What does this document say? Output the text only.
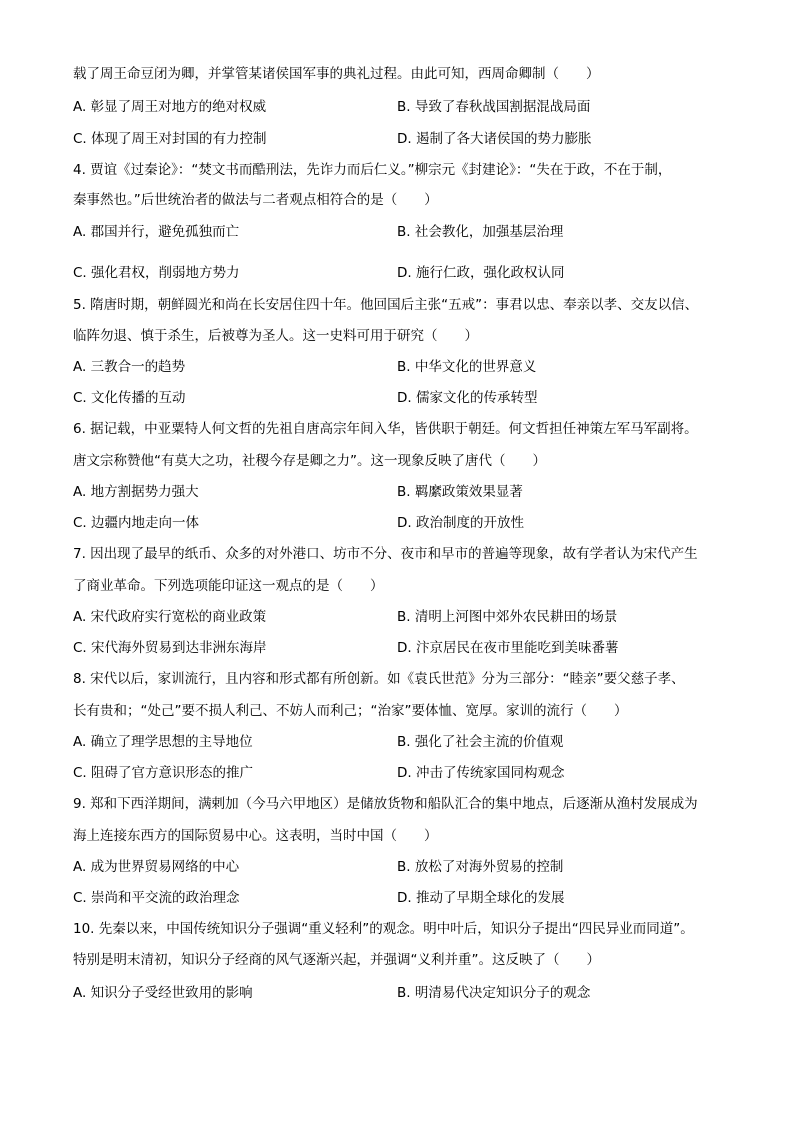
载了周王命豆闭为卿，并掌管某诸侯国军事的典礼过程。由此可知，西周命卿制（　　）
A. 彰显了周王对地方的绝对权威	B. 导致了春秋战国割据混战局面
C. 体现了周王对封国的有力控制	D. 遏制了各大诸侯国的势力膨胀
4. 贾谊《过秦论》：“焚文书而酷刑法，先诈力而后仁义。”柳宗元《封建论》：“失在于政，不在于制，
秦事然也。”后世统治者的做法与二者观点相符合的是（　　）
A. 郡国并行，避免孤独而亡	B. 社会教化，加强基层治理
C. 强化君权，削弱地方势力	D. 施行仁政，强化政权认同
5. 隋唐时期，朝鲜圆光和尚在长安居住四十年。他回国后主张“五戒”：事君以忠、奉亲以孝、交友以信、
临阵勿退、慎于杀生，后被尊为圣人。这一史料可用于研究（　　）
A. 三教合一的趋势	B. 中华文化的世界意义
C. 文化传播的互动	D. 儒家文化的传承转型
6. 据记载，中亚粟特人何文哲的先祖自唐高宗年间入华，皆供职于朝廷。何文哲担任神策左军马军副将。
唐文宗称赞他“有莫大之功，社稷今存是卿之力”。这一现象反映了唐代（　　）
A. 地方割据势力强大	B. 羁縻政策效果显著
C. 边疆内地走向一体	D. 政治制度的开放性
7. 因出现了最早的纸币、众多的对外港口、坊市不分、夜市和早市的普遍等现象，故有学者认为宋代产生
了商业革命。下列选项能印证这一观点的是（　　）
A. 宋代政府实行宽松的商业政策	B. 清明上河图中郊外农民耕田的场景
C. 宋代海外贸易到达非洲东海岸	D. 汴京居民在夜市里能吃到美味番薯
8. 宋代以后，家训流行，且内容和形式都有所创新。如《袁氏世范》分为三部分：“睦亲”要父慈子孝、
长有贵和；“处己”要不损人利己、不妨人而利己；“治家”要体恤、宽厚。家训的流行（　　）
A. 确立了理学思想的主导地位	B. 强化了社会主流的价值观
C. 阻碍了官方意识形态的推广	D. 冲击了传统家国同构观念
9. 郑和下西洋期间，满剌加（今马六甲地区）是储放货物和船队汇合的集中地点，后逐渐从渔村发展成为
海上连接东西方的国际贸易中心。这表明，当时中国（　　）
A. 成为世界贸易网络的中心	B. 放松了对海外贸易的控制
C. 崇尚和平交流的政治理念	D. 推动了早期全球化的发展
10. 先秦以来，中国传统知识分子强调“重义轻利”的观念。明中叶后，知识分子提出“四民异业而同道”。
特别是明末清初，知识分子经商的风气逐渐兴起，并强调“义利并重”。这反映了（　　）
A. 知识分子受经世致用的影响	B. 明清易代决定知识分子的观念
